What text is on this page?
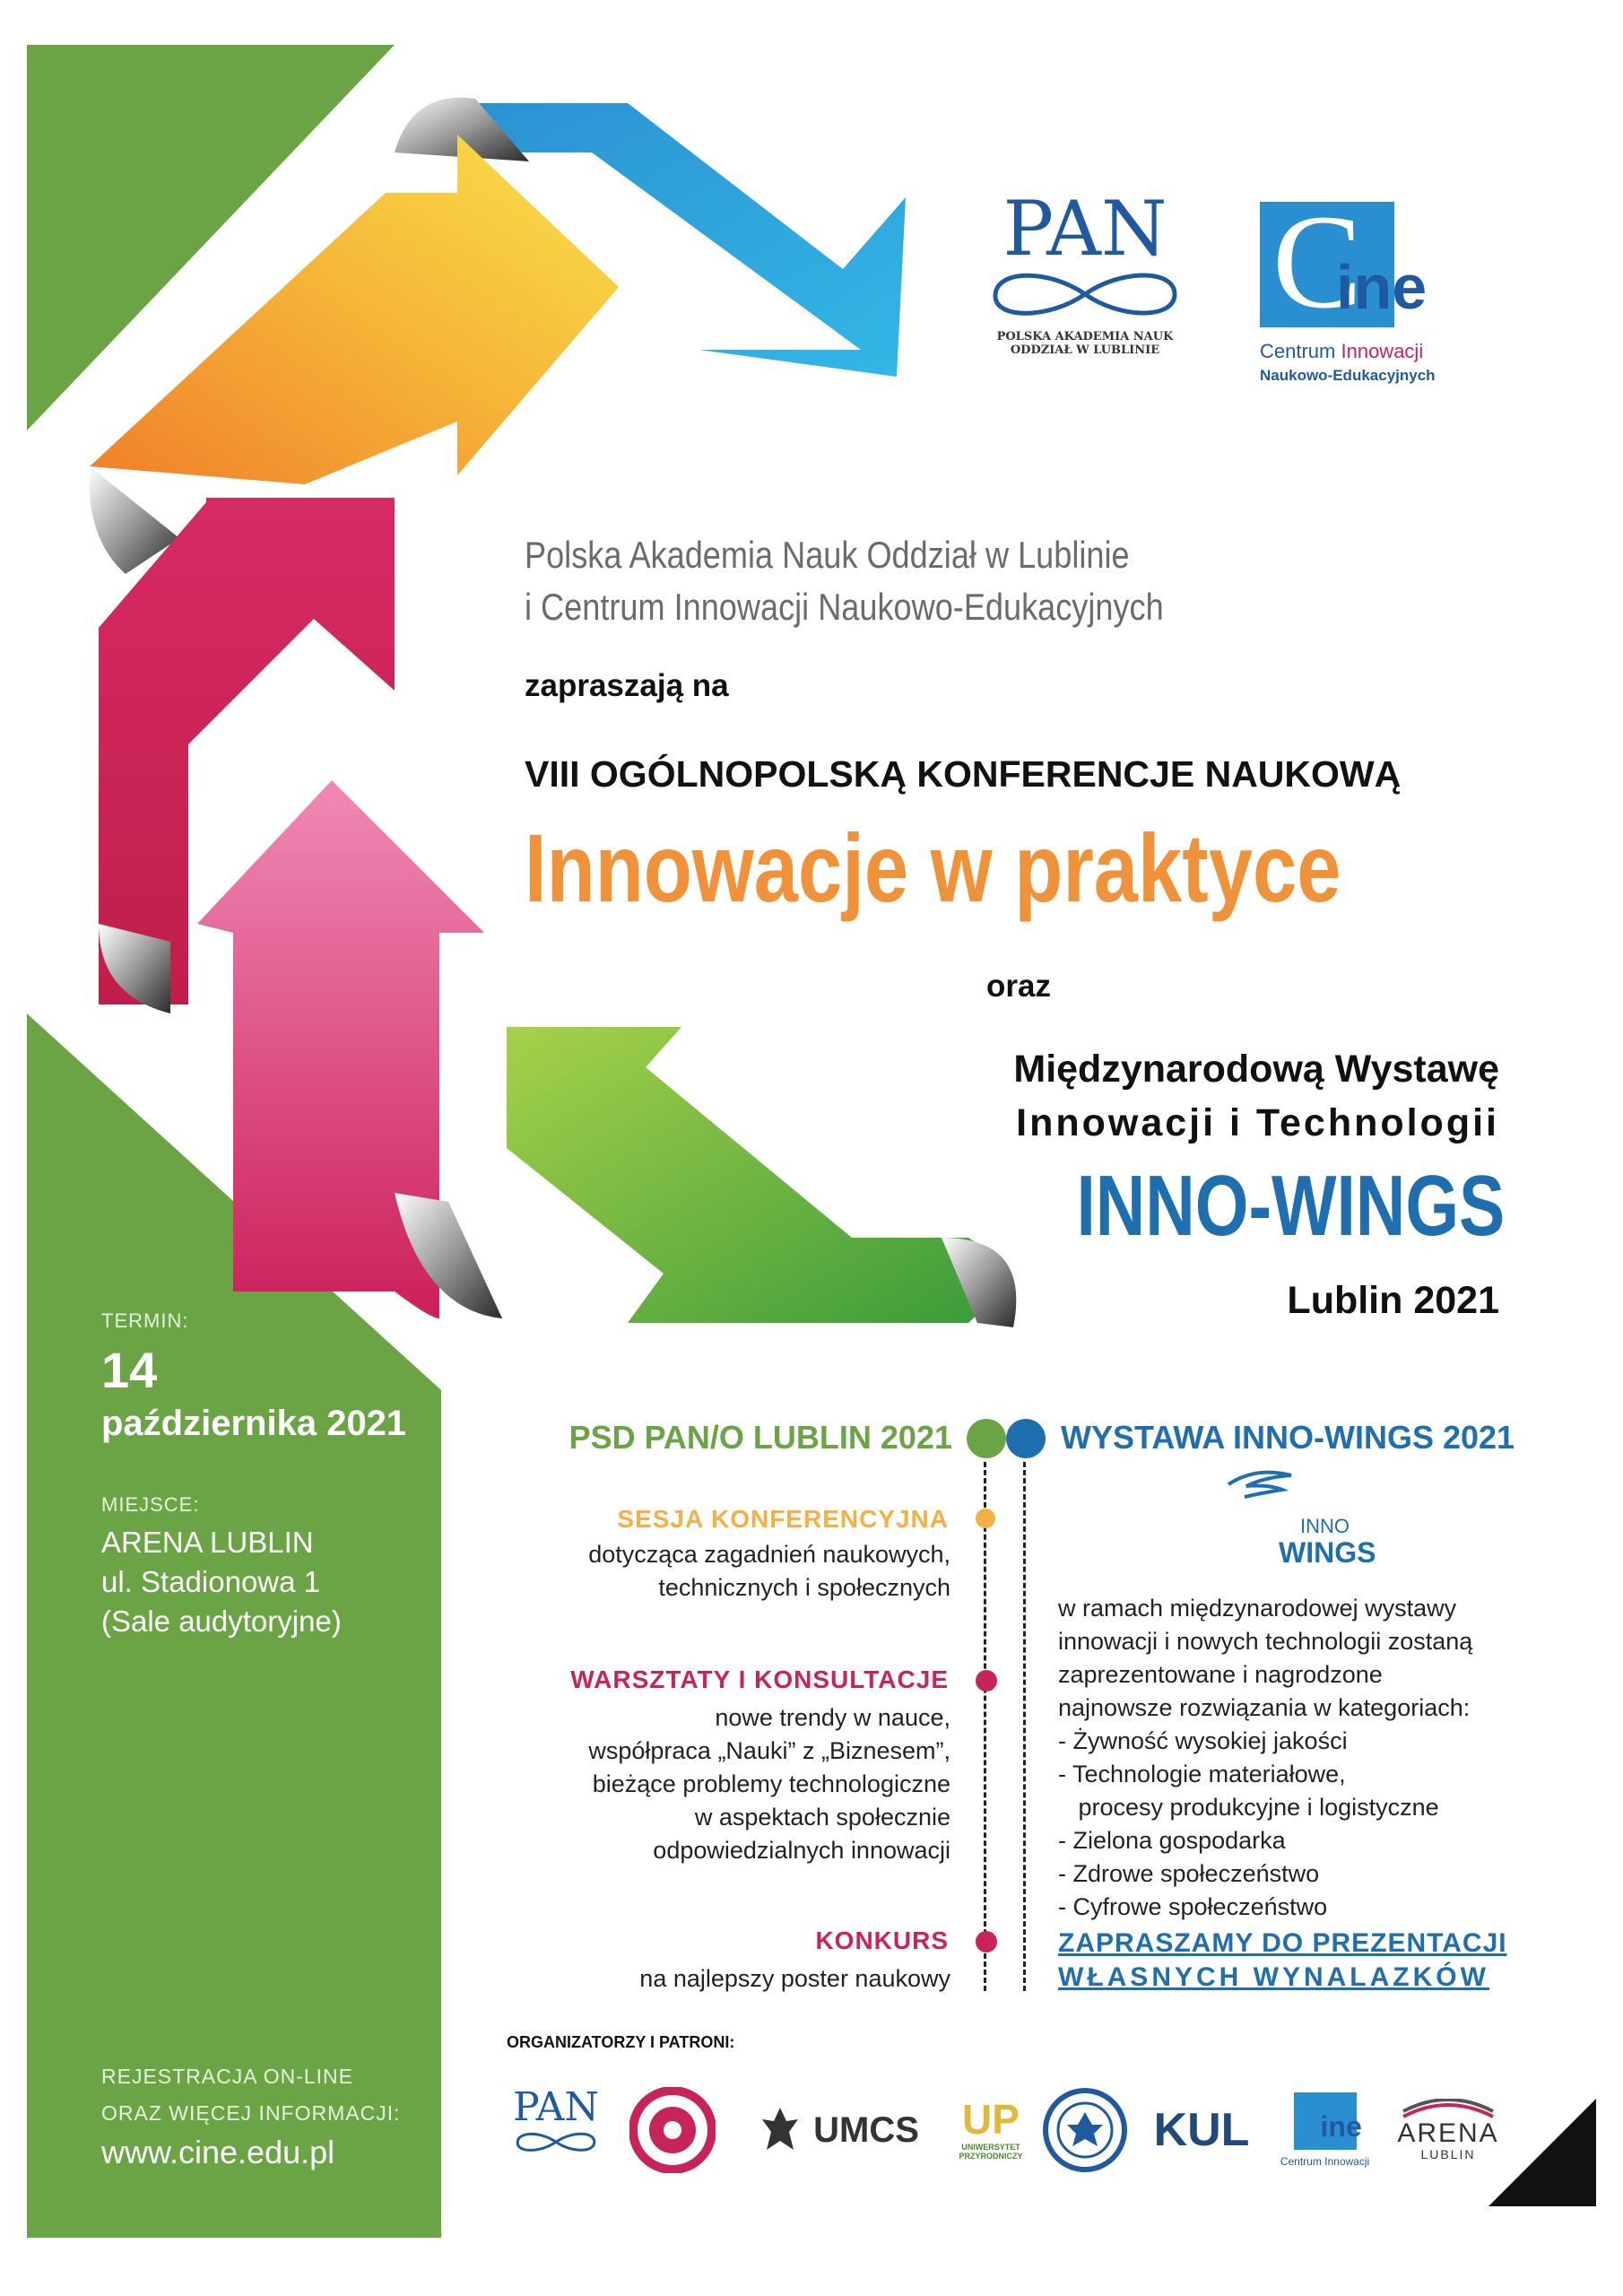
TERMIN:
14
października 2021
MIEJSCE:
ARENA LUBLIN
ul. Stadionowa 1
(Sale audytoryjne)
REJESTRACJA ON-LINE
ORAZ WIĘCEJ INFORMACJI:
www.cine.edu.pl
PAN
POLSKA AKADEMIA NAUK
ODDZIAŁ W LUBLINIE
C
ine
Centrum Innowacji
Naukowo-Edukacyjnych
Polska Akademia Nauk Oddział w Lublinie
i Centrum Innowacji Naukowo-Edukacyjnych
zapraszają na
VIII OGÓLNOPOLSKĄ KONFERENCJE NAUKOWĄ
Innowacje w praktyce
oraz
Międzynarodową Wystawę
Innowacji i Technologii
INNO-WINGS
Lublin 2021
PSD PAN/O LUBLIN 2021	WYSTAWA INNO-WINGS 2021
SESJA KONFERENCYJNA
dotycząca zagadnień naukowych,
technicznych i społecznych
WARSZTATY I KONSULTACJE
nowe trendy w nauce,
współpraca „Nauki” z „Biznesem”,
bieżące problemy technologiczne
w aspektach społecznie
odpowiedzialnych innowacji
KONKURS
na najlepszy poster naukowy
INNO
WINGS
w ramach międzynarodowej wystawy
innowacji i nowych technologii zostaną
zaprezentowane i nagrodzone
najnowsze rozwiązania w kategoriach:
- Żywność wysokiej jakości
- Technologie materiałowe,
procesy produkcyjne i logistyczne
- Zielona gospodarka
- Zdrowe społeczeństwo
- Cyfrowe społeczeństwo
ZAPRASZAMY DO PREZENTACJI
WŁASNYCH WYNALAZKÓW
ORGANIZATORZY I PATRONI:
PAN	UMCS UP
UNIWERSYTET PRZYRODNICZY	KUL ine
Centrum Innowacji
ARENA
LUBLIN
